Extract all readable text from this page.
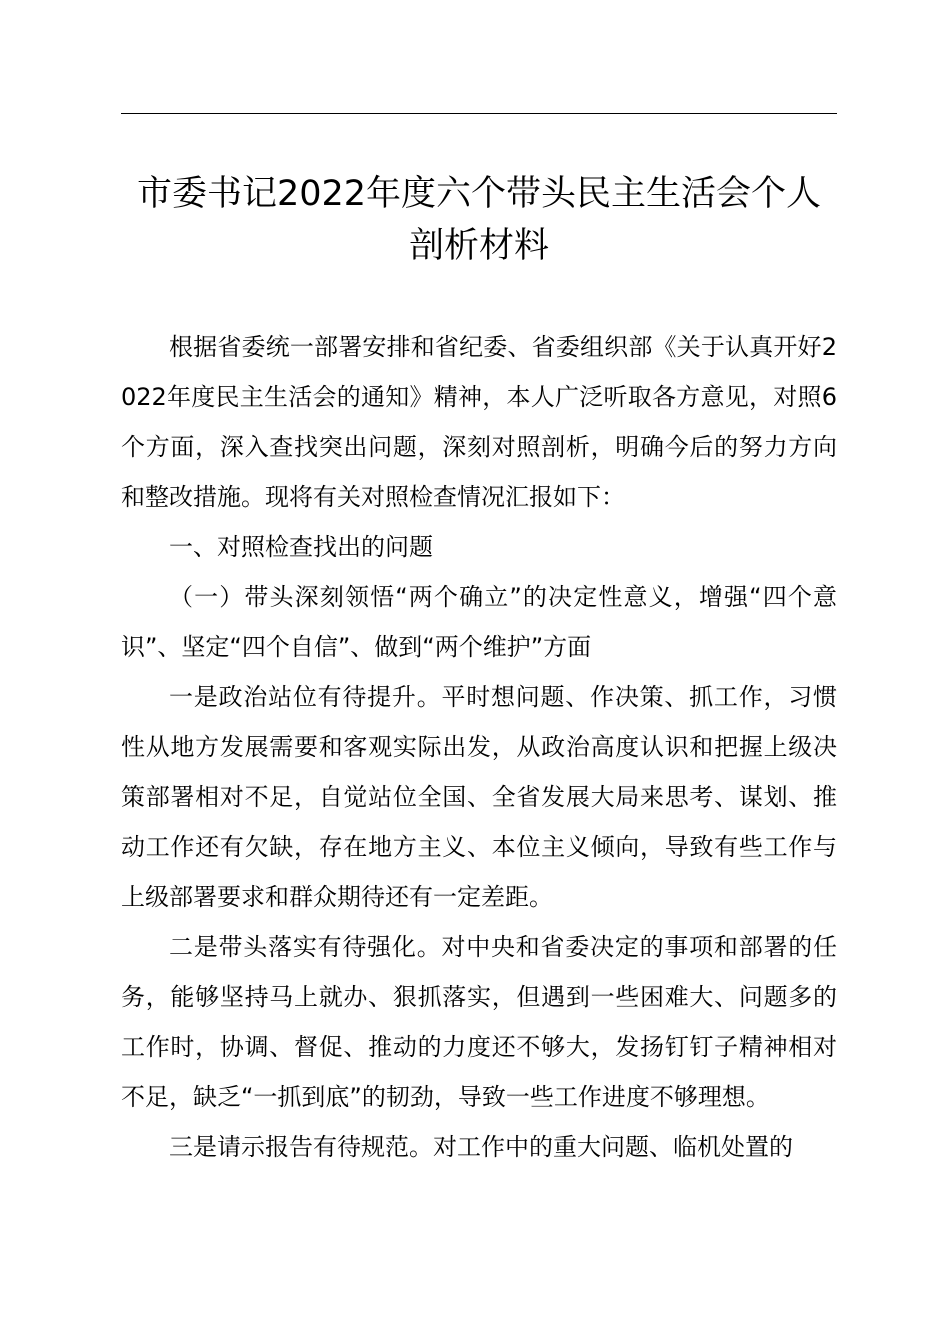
市委书记2022年度六个带头民主生活会个人
剖析材料

根据省委统一部署安排和省纪委、省委组织部《关于认真开好2022年度民主生活会的通知》精神，本人广泛听取各方意见，对照6个方面，深入查找突出问题，深刻对照剖析，明确今后的努力方向和整改措施。现将有关对照检查情况汇报如下：

一、对照检查找出的问题

（一）带头深刻领悟“两个确立”的决定性意义，增强“四个意识”、坚定“四个自信”、做到“两个维护”方面

一是政治站位有待提升。平时想问题、作决策、抓工作，习惯性从地方发展需要和客观实际出发，从政治高度认识和把握上级决策部署相对不足，自觉站位全国、全省发展大局来思考、谋划、推动工作还有欠缺，存在地方主义、本位主义倾向，导致有些工作与上级部署要求和群众期待还有一定差距。

二是带头落实有待强化。对中央和省委决定的事项和部署的任务，能够坚持马上就办、狠抓落实，但遇到一些困难大、问题多的工作时，协调、督促、推动的力度还不够大，发扬钉钉子精神相对不足，缺乏“一抓到底”的韧劲，导致一些工作进度不够理想。

三是请示报告有待规范。对工作中的重大问题、临机处置的
